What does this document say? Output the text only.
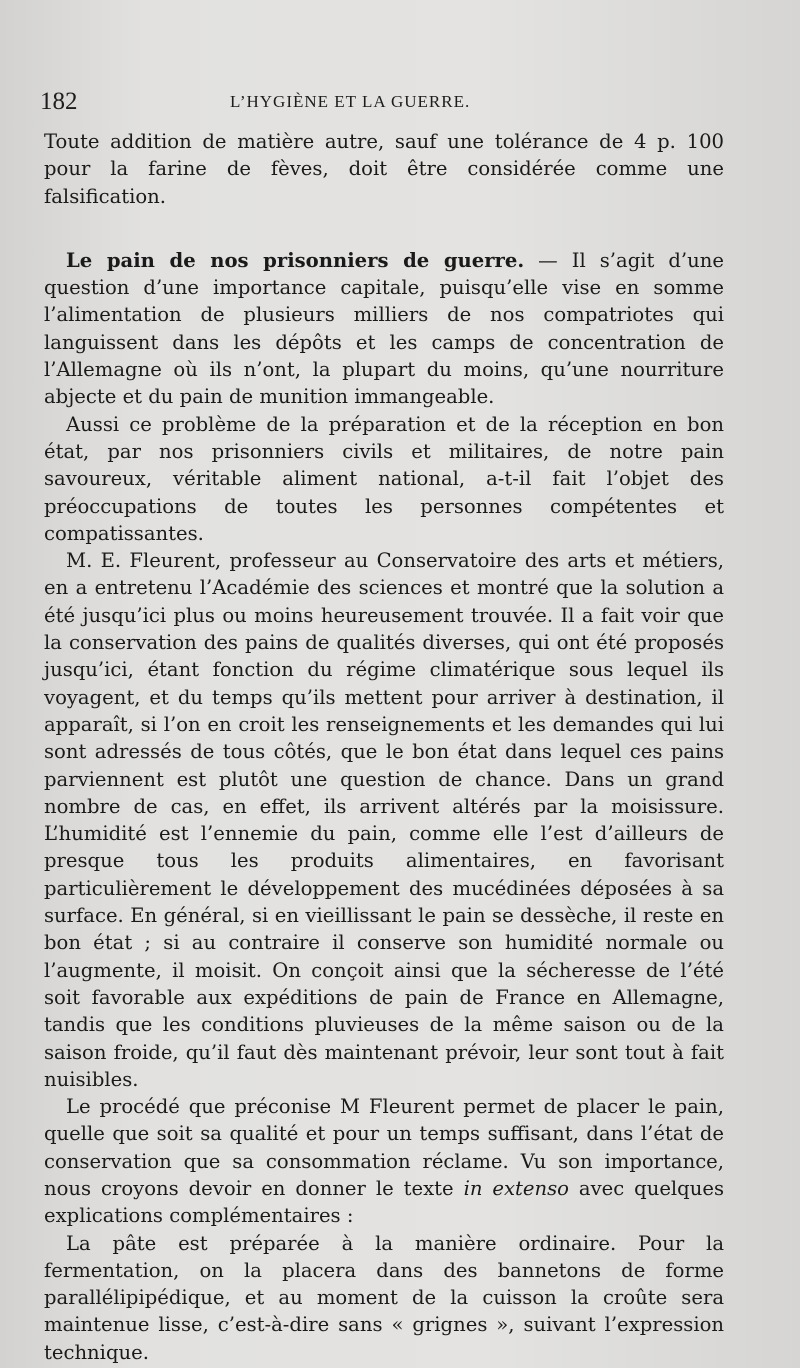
182	L’HYGIÈNE ET LA GUERRE.

Toute addition de matière autre, sauf une tolérance de 4 p. 100 pour la farine de fèves, doit être considérée comme une falsification.

Le pain de nos prisonniers de guerre. — Il s’agit d’une question d’une importance capitale, puisqu’elle vise en somme l’alimentation de plusieurs milliers de nos compatriotes qui languissent dans les dépôts et les camps de concentration de l’Allemagne où ils n’ont, la plupart du moins, qu’une nourriture abjecte et du pain de munition immangeable.

Aussi ce problème de la préparation et de la réception en bon état, par nos prisonniers civils et militaires, de notre pain savoureux, véritable aliment national, a-t-il fait l’objet des préoccupations de toutes les personnes compétentes et compatissantes.

M. E. Fleurent, professeur au Conservatoire des arts et métiers, en a entretenu l’Académie des sciences et montré que la solution a été jusqu’ici plus ou moins heureusement trouvée. Il a fait voir que la conservation des pains de qualités diverses, qui ont été proposés jusqu’ici, étant fonction du régime climatérique sous lequel ils voyagent, et du temps qu’ils mettent pour arriver à destination, il apparaît, si l’on en croit les renseignements et les demandes qui lui sont adressés de tous côtés, que le bon état dans lequel ces pains parviennent est plutôt une question de chance. Dans un grand nombre de cas, en effet, ils arrivent altérés par la moisissure. L’humidité est l’ennemie du pain, comme elle l’est d’ailleurs de presque tous les produits alimentaires, en favorisant particulièrement le développement des mucédinées déposées à sa surface. En général, si en vieillissant le pain se dessèche, il reste en bon état ; si au contraire il conserve son humidité normale ou l’augmente, il moisit. On conçoit ainsi que la sécheresse de l’été soit favorable aux expéditions de pain de France en Allemagne, tandis que les conditions pluvieuses de la même saison ou de la saison froide, qu’il faut dès maintenant prévoir, leur sont tout à fait nuisibles.

Le procédé que préconise M Fleurent permet de placer le pain, quelle que soit sa qualité et pour un temps suffisant, dans l’état de conservation que sa consommation réclame. Vu son importance, nous croyons devoir en donner le texte in extenso avec quelques explications complémentaires :

La pâte est préparée à la manière ordinaire. Pour la fermentation, on la placera dans des bannetons de forme parallélipipédique, et au moment de la cuisson la croûte sera maintenue lisse, c’est-à-dire sans « grignes », suivant l’expression technique.
